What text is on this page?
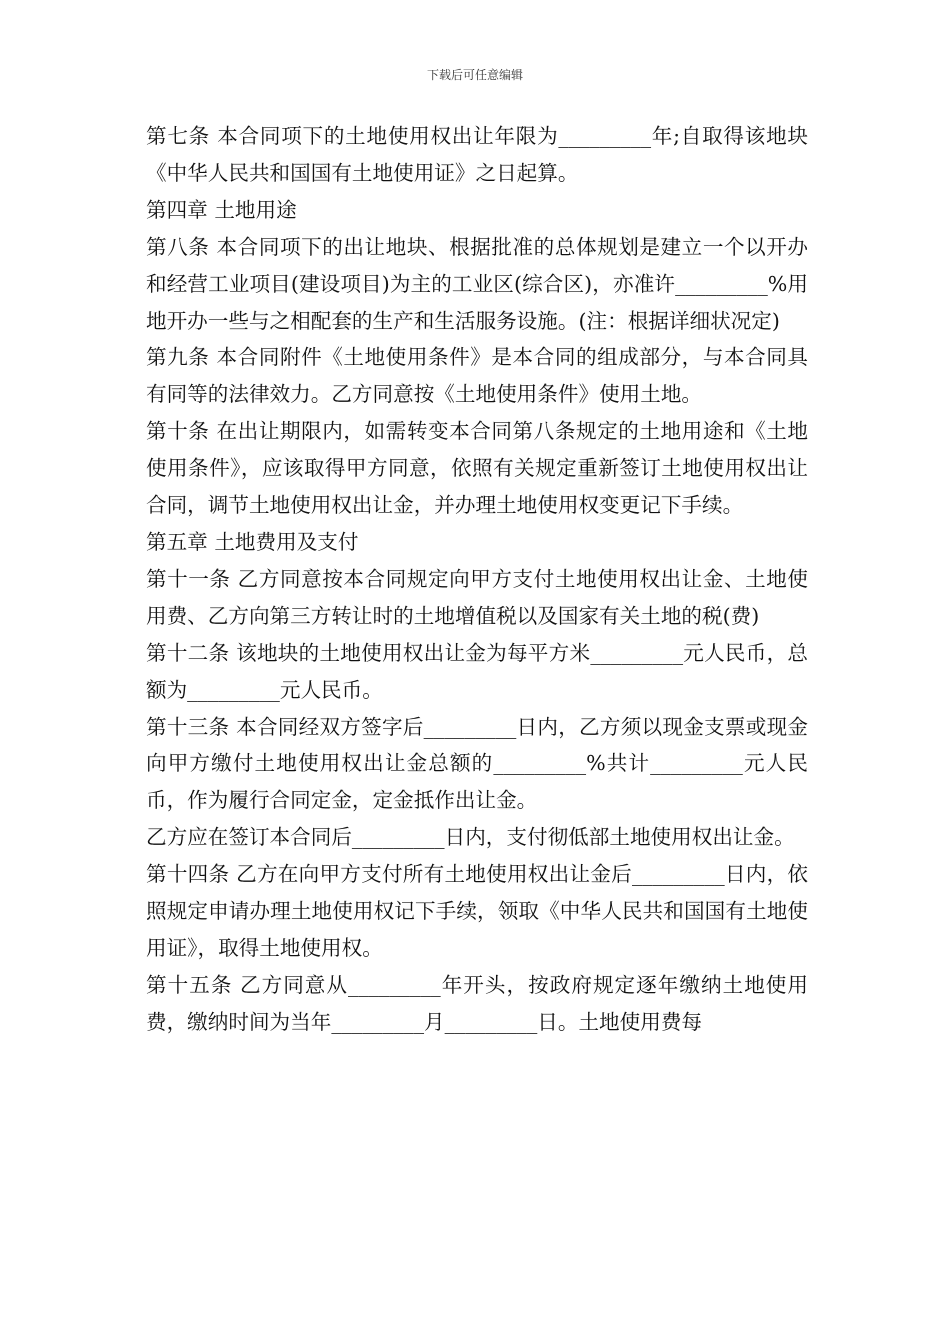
下载后可任意编辑

第七条 本合同项下的土地使用权出让年限为_________年;自取得该地块《中华人民共和国国有土地使用证》之日起算。

第四章 土地用途

第八条 本合同项下的出让地块、根据批准的总体规划是建立一个以开办和经营工业项目(建设项目)为主的工业区(综合区)，亦准许_________%用地开办一些与之相配套的生产和生活服务设施。(注：根据详细状况定)

第九条 本合同附件《土地使用条件》是本合同的组成部分，与本合同具有同等的法律效力。乙方同意按《土地使用条件》使用土地。

第十条 在出让期限内，如需转变本合同第八条规定的土地用途和《土地使用条件》，应该取得甲方同意，依照有关规定重新签订土地使用权出让合同，调节土地使用权出让金，并办理土地使用权变更记下手续。

第五章 土地费用及支付

第十一条 乙方同意按本合同规定向甲方支付土地使用权出让金、土地使用费、乙方向第三方转让时的土地增值税以及国家有关土地的税(费)

第十二条 该地块的土地使用权出让金为每平方米_________元人民币，总额为_________元人民币。

第十三条 本合同经双方签字后_________日内，乙方须以现金支票或现金向甲方缴付土地使用权出让金总额的_________%共计_________元人民币，作为履行合同定金，定金抵作出让金。

乙方应在签订本合同后_________日内，支付彻低部土地使用权出让金。

第十四条 乙方在向甲方支付所有土地使用权出让金后_________日内，依照规定申请办理土地使用权记下手续，领取《中华人民共和国国有土地使用证》，取得土地使用权。

第十五条 乙方同意从_________年开头，按政府规定逐年缴纳土地使用费，缴纳时间为当年_________月_________日。土地使用费每
